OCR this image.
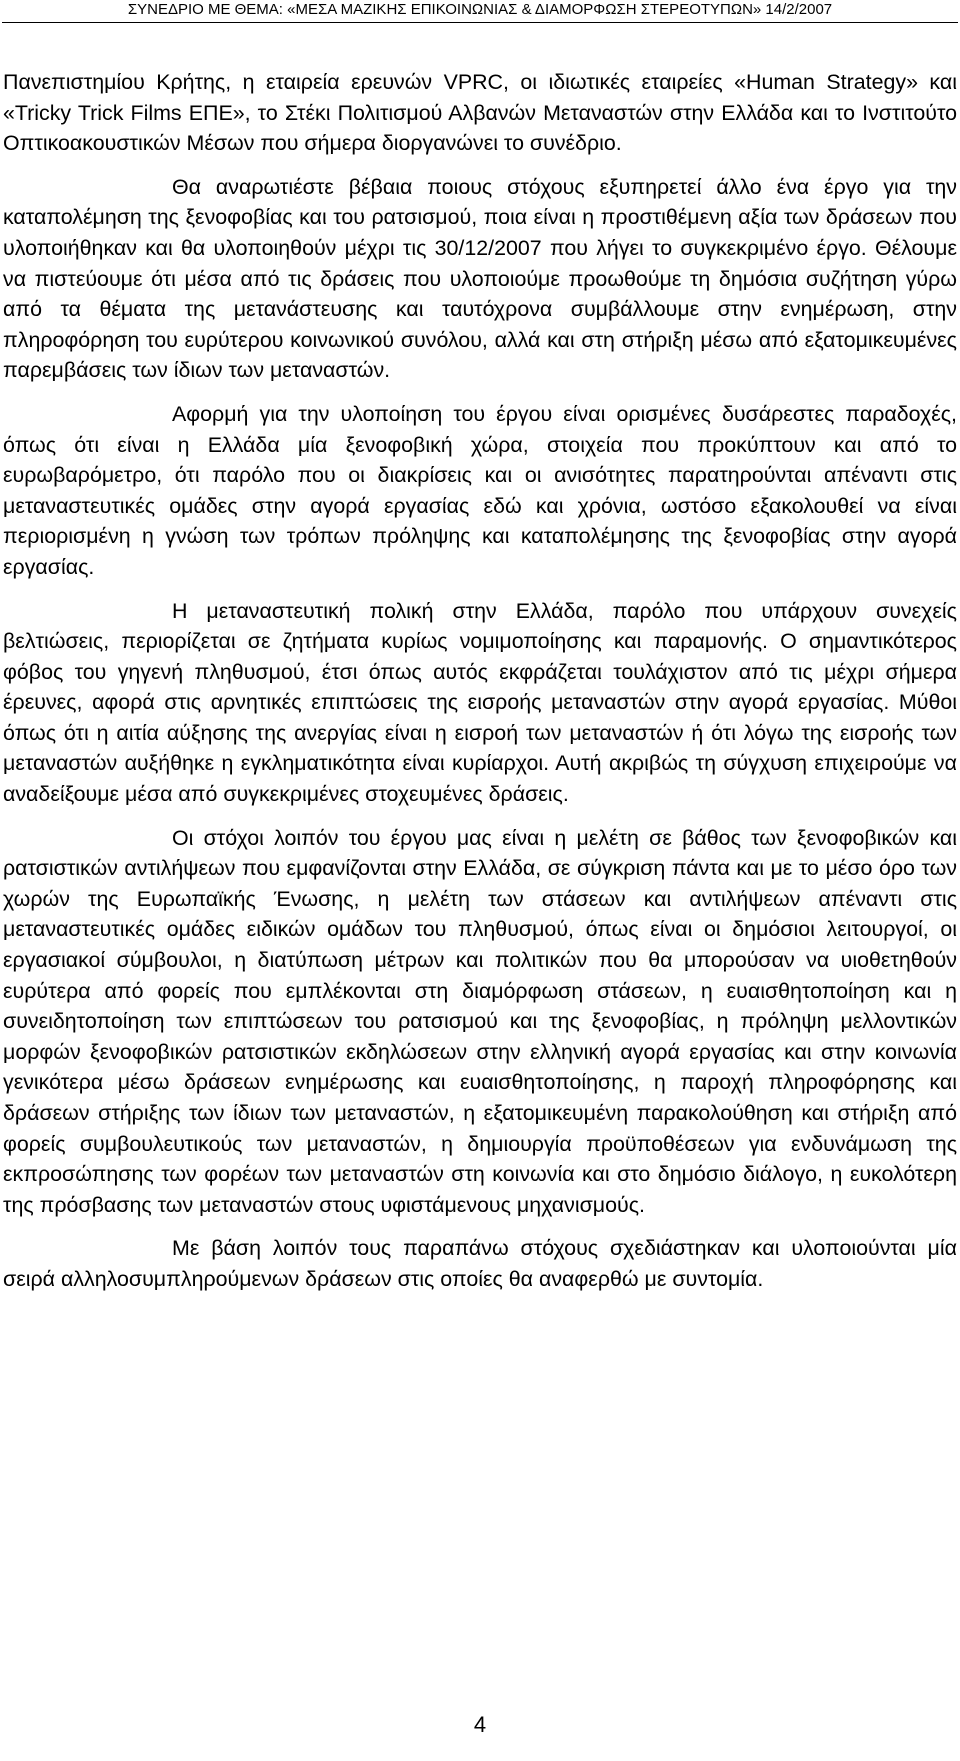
ΣΥΝΕΔΡΙΟ ΜΕ ΘΕΜΑ: «ΜΕΣΑ ΜΑΖΙΚΗΣ ΕΠΙΚΟΙΝΩΝΙΑΣ & ΔΙΑΜΟΡΦΩΣΗ ΣΤΕΡΕΟΤΥΠΩΝ» 14/2/2007

Πανεπιστημίου Κρήτης, η εταιρεία ερευνών VPRC, οι ιδιωτικές εταιρείες «Human Strategy» και «Tricky Trick Films ΕΠΕ», το Στέκι Πολιτισμού Αλβανών Μεταναστών στην Ελλάδα και το Ινστιτούτο Οπτικοακουστικών Μέσων που σήμερα διοργανώνει το συνέδριο.

Θα αναρωτιέστε βέβαια ποιους στόχους εξυπηρετεί άλλο ένα έργο για την καταπολέμηση της ξενοφοβίας και του ρατσισμού, ποια είναι η προστιθέμενη αξία των δράσεων που υλοποιήθηκαν και θα υλοποιηθούν μέχρι τις 30/12/2007 που λήγει το συγκεκριμένο έργο. Θέλουμε να πιστεύουμε ότι μέσα από τις δράσεις που υλοποιούμε προωθούμε τη δημόσια συζήτηση γύρω από τα θέματα της μετανάστευσης και ταυτόχρονα συμβάλλουμε στην ενημέρωση, στην πληροφόρηση του ευρύτερου κοινωνικού συνόλου, αλλά και στη στήριξη μέσω από εξατομικευμένες παρεμβάσεις των ίδιων των μεταναστών.

Αφορμή για την υλοποίηση του έργου είναι ορισμένες δυσάρεστες παραδοχές, όπως ότι είναι η Ελλάδα μία ξενοφοβική χώρα, στοιχεία που προκύπτουν και από το ευρωβαρόμετρο, ότι παρόλο που οι διακρίσεις και οι ανισότητες παρατηρούνται απέναντι στις μεταναστευτικές ομάδες στην αγορά εργασίας εδώ και χρόνια, ωστόσο εξακολουθεί να είναι περιορισμένη η γνώση των τρόπων πρόληψης και καταπολέμησης της ξενοφοβίας στην αγορά εργασίας.

Η μεταναστευτική πολική στην Ελλάδα, παρόλο που υπάρχουν συνεχείς βελτιώσεις, περιορίζεται σε ζητήματα κυρίως νομιμοποίησης και παραμονής. Ο σημαντικότερος φόβος του γηγενή πληθυσμού, έτσι όπως αυτός εκφράζεται τουλάχιστον από τις μέχρι σήμερα έρευνες, αφορά στις αρνητικές επιπτώσεις της εισροής μεταναστών στην αγορά εργασίας. Μύθοι όπως ότι η αιτία αύξησης της ανεργίας είναι η εισροή των μεταναστών ή ότι λόγω της εισροής των μεταναστών αυξήθηκε η εγκληματικότητα είναι κυρίαρχοι. Αυτή ακριβώς τη σύγχυση επιχειρούμε να αναδείξουμε μέσα από συγκεκριμένες στοχευμένες δράσεις.

Οι στόχοι λοιπόν του έργου μας είναι η μελέτη σε βάθος των ξενοφοβικών και ρατσιστικών αντιλήψεων που εμφανίζονται στην Ελλάδα, σε σύγκριση πάντα και με το μέσο όρο των χωρών της Ευρωπαϊκής Ένωσης, η μελέτη των στάσεων και αντιλήψεων απέναντι στις μεταναστευτικές ομάδες ειδικών ομάδων του πληθυσμού, όπως είναι οι δημόσιοι λειτουργοί, οι εργασιακοί σύμβουλοι, η διατύπωση μέτρων και πολιτικών που θα μπορούσαν να υιοθετηθούν ευρύτερα από φορείς που εμπλέκονται στη διαμόρφωση στάσεων, η ευαισθητοποίηση και η συνειδητοποίηση των επιπτώσεων του ρατσισμού και της ξενοφοβίας, η πρόληψη μελλοντικών μορφών ξενοφοβικών ρατσιστικών εκδηλώσεων στην ελληνική αγορά εργασίας και στην κοινωνία γενικότερα μέσω δράσεων ενημέρωσης και ευαισθητοποίησης, η παροχή πληροφόρησης και δράσεων στήριξης των ίδιων των μεταναστών, η εξατομικευμένη παρακολούθηση και στήριξη από φορείς συμβουλευτικούς των μεταναστών, η δημιουργία προϋποθέσεων για ενδυνάμωση της εκπροσώπησης των φορέων των μεταναστών στη κοινωνία και στο δημόσιο διάλογο, η ευκολότερη της πρόσβασης των μεταναστών στους υφιστάμενους μηχανισμούς.

Με βάση λοιπόν τους παραπάνω στόχους σχεδιάστηκαν και υλοποιούνται μία σειρά αλληλοσυμπληρούμενων δράσεων στις οποίες θα αναφερθώ με συντομία.

4
